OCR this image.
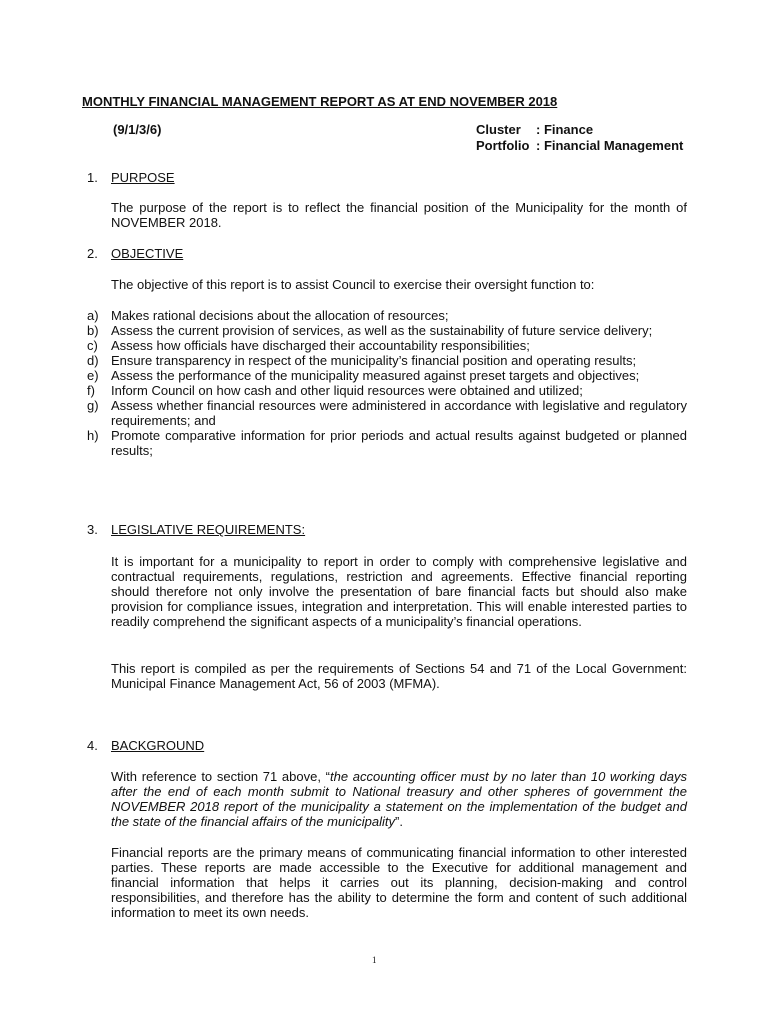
MONTHLY FINANCIAL MANAGEMENT REPORT AS AT END NOVEMBER 2018
(9/1/3/6)	Cluster	: Finance
Portfolio : Financial Management
1. PURPOSE

The purpose of the report is to reflect the financial position of the Municipality for the month of NOVEMBER 2018.

2. OBJECTIVE

The objective of this report is to assist Council to exercise their oversight function to:

a) Makes rational decisions about the allocation of resources;
b) Assess the current provision of services, as well as the sustainability of future service delivery;
c)	Assess how officials have discharged their accountability responsibilities;
d) Ensure transparency in respect of the municipality’s financial position and operating results;
e) Assess the performance of the municipality measured against preset targets and objectives;
f)	Inform Council on how cash and other liquid resources were obtained and utilized;
g) Assess whether financial resources were administered in accordance with legislative and regulatory requirements; and
h) Promote comparative information for prior periods and actual results against budgeted or planned results;
3. LEGISLATIVE REQUIREMENTS:

It is important for a municipality to report in order to comply with comprehensive legislative and contractual requirements, regulations, restriction and agreements. Effective financial reporting should therefore not only involve the presentation of bare financial facts but should also make provision for compliance issues, integration and interpretation. This will enable interested parties to readily comprehend the significant aspects of a municipality’s financial operations.

This report is compiled as per the requirements of Sections 54 and 71 of the Local Government: Municipal Finance Management Act, 56 of 2003 (MFMA).

4. BACKGROUND

With reference to section 71 above, “the accounting officer must by no later than 10 working days after the end of each month submit to National treasury and other spheres of government the NOVEMBER 2018 report of the municipality a statement on the implementation of the budget and the state of the financial affairs of the municipality”.

Financial reports are the primary means of communicating financial information to other interested parties. These reports are made accessible to the Executive for additional management and financial information that helps it carries out its planning, decision-making and control responsibilities, and therefore has the ability to determine the form and content of such additional information to meet its own needs.

1
